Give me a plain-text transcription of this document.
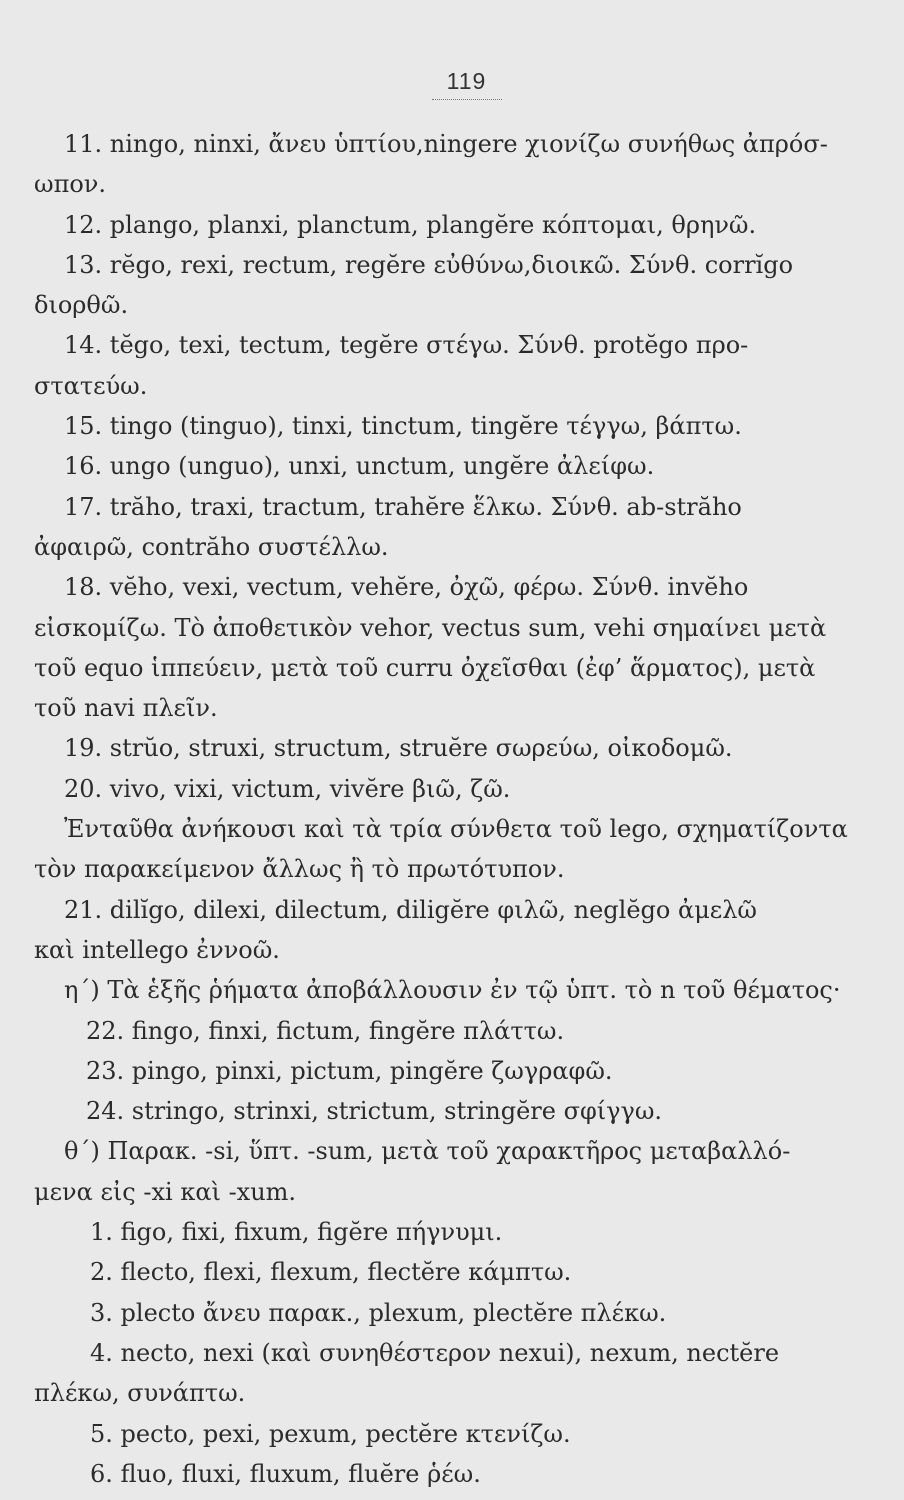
119

11. ningo, ninxi, ἄνευ ὑπτίου,ningere χιονίζω συνήθως ἀπρόσ-

ωπον.

12. plango, planxi, planctum, plangĕre κόπτομαι, θρηνῶ.

13. rĕgo, rexi, rectum, regĕre εὐθύνω,διοικῶ. Σύνθ. corrĭgo

διορθῶ.

14. tĕgo, texi, tectum, tegĕre στέγω. Σύνθ. protĕgo προ-

στατεύω.

15. tingo (tinguo), tinxi, tinctum, tingĕre τέγγω, βάπτω.

16. ungo (unguo), unxi, unctum, ungĕre ἀλείφω.

17. trăho, traxi, tractum, trahĕre ἕλκω. Σύνθ. ab-străho

ἀφαιρῶ, contrăho συστέλλω.

18. vĕho, vexi, vectum, vehĕre, ὀχῶ, φέρω. Σύνθ. invĕho

εἰσκομίζω. Τὸ ἀποθετικὸν vehor, vectus sum, vehi σημαίνει μετὰ

τοῦ equo ἱππεύειν, μετὰ τοῦ curru ὀχεῖσθαι (ἐφ’ ἅρματος), μετὰ

τοῦ navi πλεῖν.

19. strŭo, struxi, structum, struĕre σωρεύω, οἰκοδομῶ.

20. vivo, vixi, victum, vivĕre βιῶ, ζῶ.

Ἐνταῦθα ἀνήκουσι καὶ τὰ τρία σύνθετα τοῦ lego, σχηματίζοντα

τὸν παρακείμενον ἄλλως ἢ τὸ πρωτότυπον.

21. dilĭgo, dilexi, dilectum, diligĕre φιλῶ, neglĕgo ἀμελῶ

καὶ intellego ἐννοῶ.

η΄) Τὰ ἑξῆς ῥήματα ἀποβάλλουσιν ἐν τῷ ὑπτ. τὸ n τοῦ θέματος·

22. fingo, finxi, fictum, fingĕre πλάττω.

23. pingo, pinxi, pictum, pingĕre ζωγραφῶ.

24. stringo, strinxi, strictum, stringĕre σφίγγω.

θ΄) Παρακ. -si, ὕπτ. -sum, μετὰ τοῦ χαρακτῆρος μεταβαλλό-

μενα εἰς -xi καὶ -xum.

1. figo, fixi, fixum, figĕre πήγνυμι.

2. flecto, flexi, flexum, flectĕre κάμπτω.

3. plecto ἄνευ παρακ., plexum, plectĕre πλέκω.

4. necto, nexi (καὶ συνηθέστερον nexui), nexum, nectĕre

πλέκω, συνάπτω.

5. pecto, pexi, pexum, pectĕre κτενίζω.

6. fluo, fluxi, fluxum, fluĕre ῥέω.
